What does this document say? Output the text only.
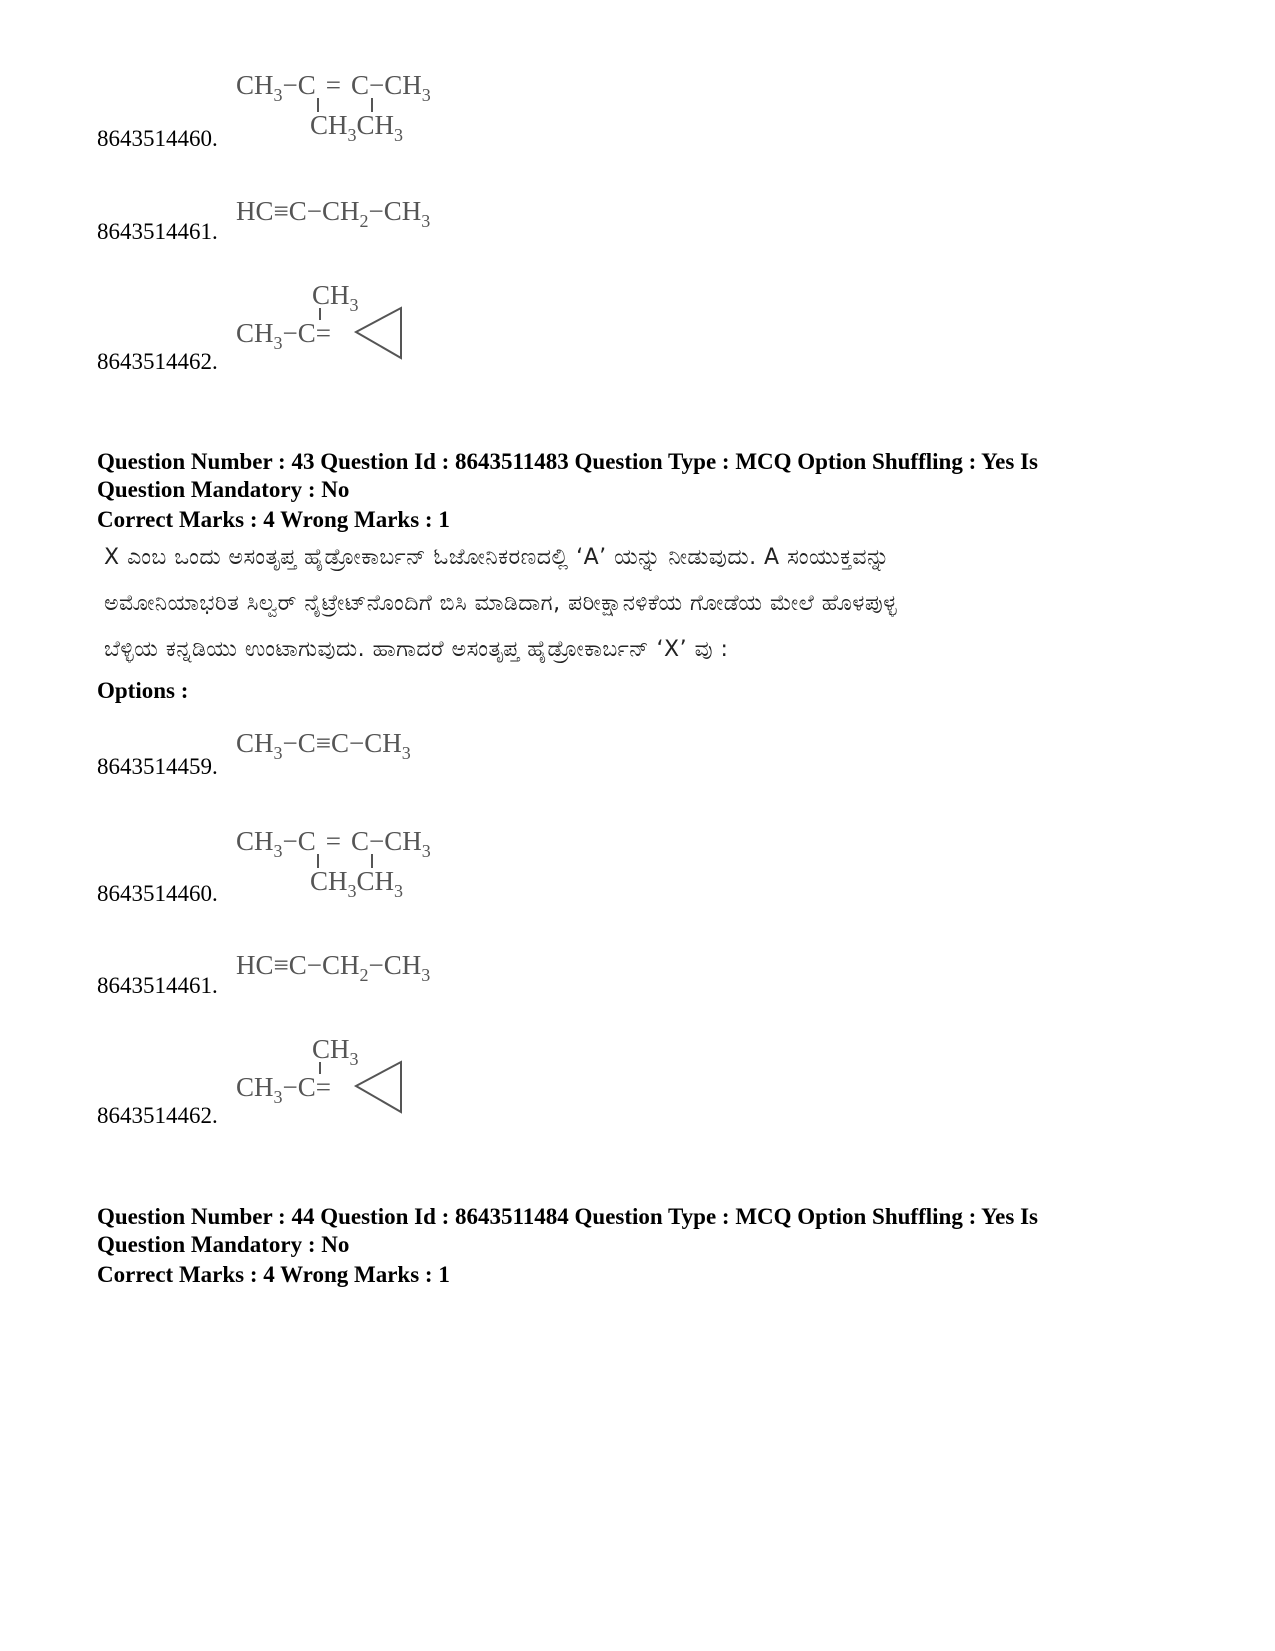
$CH_3-C = C-CH_3$
$CH_3CH_3$
8643514460.
$HC\equiv C-CH_2-CH_3$
8643514461.
$CH_3$
$CH_3-C=$
8643514462.
Question Number : 43 Question Id : 8643511483 Question Type : MCQ Option Shuffling : Yes Is
Question Mandatory : No
Correct Marks : 4 Wrong Marks : 1
X ಎಂಬ ಒಂದು ಅಸಂತೃಪ್ತ ಹೈಡ್ರೋಕಾರ್ಬನ್ ಓಜೋನಿಕರಣದಲ್ಲಿ ‘A’ ಯನ್ನು ನೀಡುವುದು. A ಸಂಯುಕ್ತವನ್ನು
ಅಮೋನಿಯಾಭರಿತ ಸಿಲ್ವರ್ ನೈಟ್ರೇಟ್‌ನೊಂದಿಗೆ ಬಿಸಿ ಮಾಡಿದಾಗ, ಪರೀಕ್ಷಾನಳಿಕೆಯ ಗೋಡೆಯ ಮೇಲೆ ಹೊಳಪುಳ್ಳ
ಬೆಳ್ಳಿಯ ಕನ್ನಡಿಯು ಉಂಟಾಗುವುದು. ಹಾಗಾದರೆ ಅಸಂತೃಪ್ತ ಹೈಡ್ರೋಕಾರ್ಬನ್ ‘X’ ವು :
Options :
$CH_3-C\equiv C-CH_3$
8643514459.
$CH_3-C = C-CH_3$
$CH_3CH_3$
8643514460.
$HC\equiv C-CH_2-CH_3$
8643514461.
$CH_3$
$CH_3-C=$
8643514462.
Question Number : 44 Question Id : 8643511484 Question Type : MCQ Option Shuffling : Yes Is
Question Mandatory : No
Correct Marks : 4 Wrong Marks : 1
